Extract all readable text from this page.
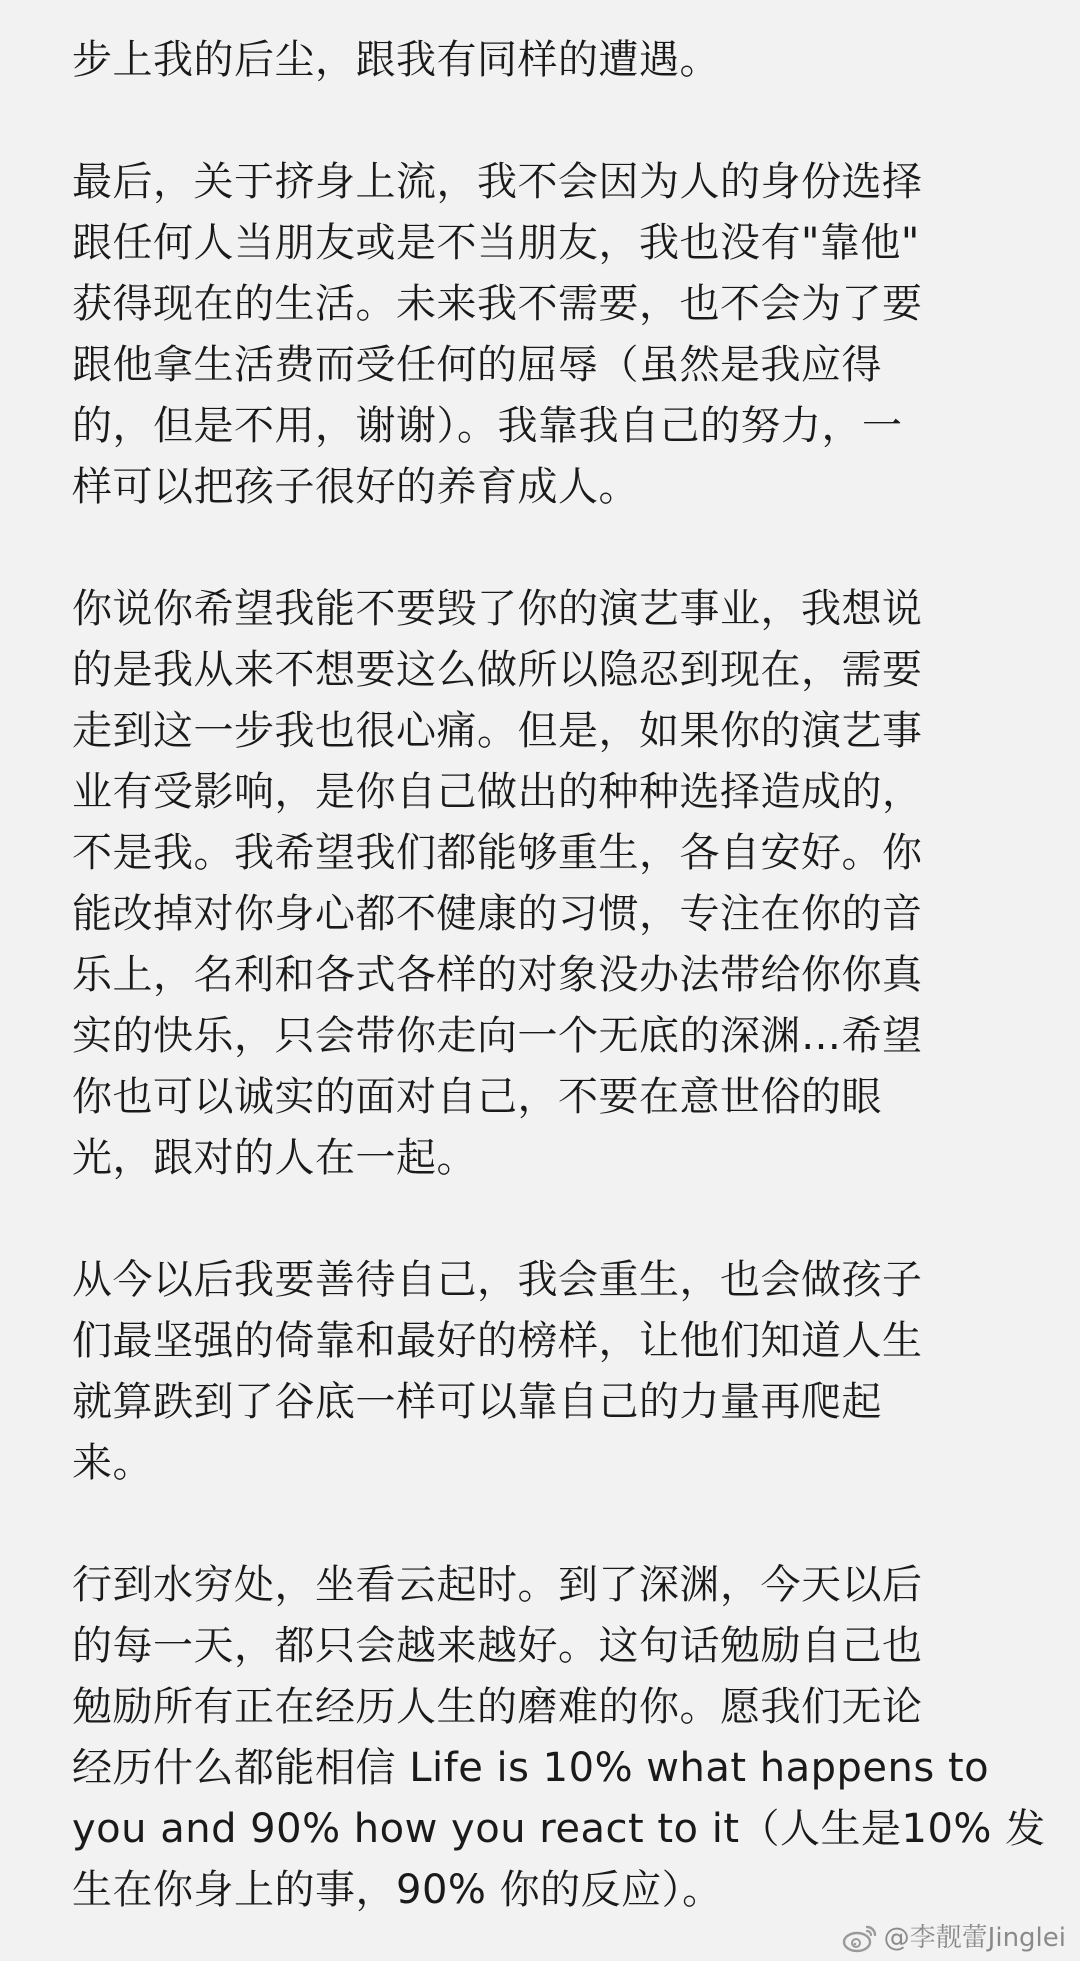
步上我的后尘，跟我有同样的遭遇。
最后，关于挤身上流，我不会因为人的身份选择
跟任何人当朋友或是不当朋友，我也没有"靠他"
获得现在的生活。未来我不需要，也不会为了要
跟他拿生活费而受任何的屈辱（虽然是我应得
的，但是不用，谢谢）。我靠我自己的努力，一
样可以把孩子很好的养育成人。
你说你希望我能不要毁了你的演艺事业，我想说
的是我从来不想要这么做所以隐忍到现在，需要
走到这一步我也很心痛。但是，如果你的演艺事
业有受影响，是你自己做出的种种选择造成的，
不是我。我希望我们都能够重生，各自安好。你
能改掉对你身心都不健康的习惯，专注在你的音
乐上，名利和各式各样的对象没办法带给你你真
实的快乐，只会带你走向一个无底的深渊…希望
你也可以诚实的面对自己，不要在意世俗的眼
光，跟对的人在一起。
从今以后我要善待自己，我会重生，也会做孩子
们最坚强的倚靠和最好的榜样，让他们知道人生
就算跌到了谷底一样可以靠自己的力量再爬起
来。
行到水穷处，坐看云起时。到了深渊，今天以后
的每一天，都只会越来越好。这句话勉励自己也
勉励所有正在经历人生的磨难的你。愿我们无论
经历什么都能相信 Life is 10% what happens to
you and 90% how you react to it（人生是10% 发
生在你身上的事，90% 你的反应）。
@李靓蕾Jinglei
